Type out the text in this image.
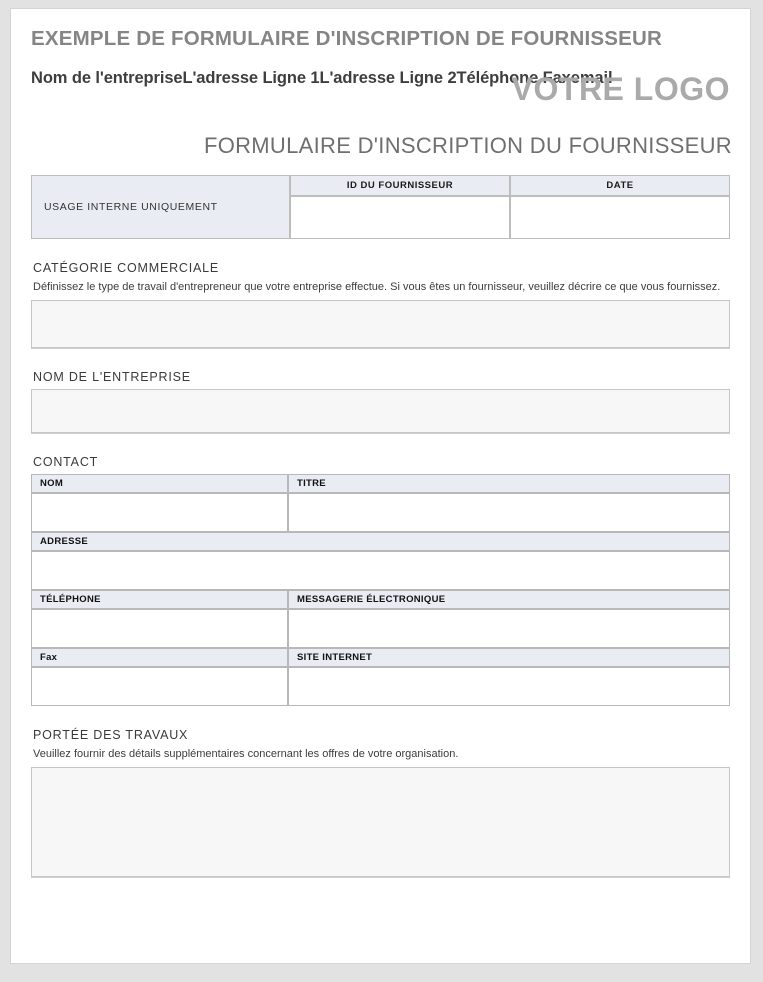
EXEMPLE DE FORMULAIRE D'INSCRIPTION DE FOURNISSEUR
Nom de l'entrepriseL'adresse Ligne 1L'adresse Ligne 2Téléphone Faxemail
VOTRE LOGO
FORMULAIRE D'INSCRIPTION DU FOURNISSEUR
USAGE INTERNE UNIQUEMENT	ID DU FOURNISSEUR	DATE

CATÉGORIE COMMERCIALE
Définissez le type de travail d'entrepreneur que votre entreprise effectue. Si vous êtes un fournisseur, veuillez décrire ce que vous fournissez.
NOM DE L'ENTREPRISE
CONTACT
NOM	TITRE

ADRESSE	

TÉLÉPHONE	MESSAGERIE ÉLECTRONIQUE

Fax	SITE INTERNET

PORTÉE DES TRAVAUX
Veuillez fournir des détails supplémentaires concernant les offres de votre organisation.
